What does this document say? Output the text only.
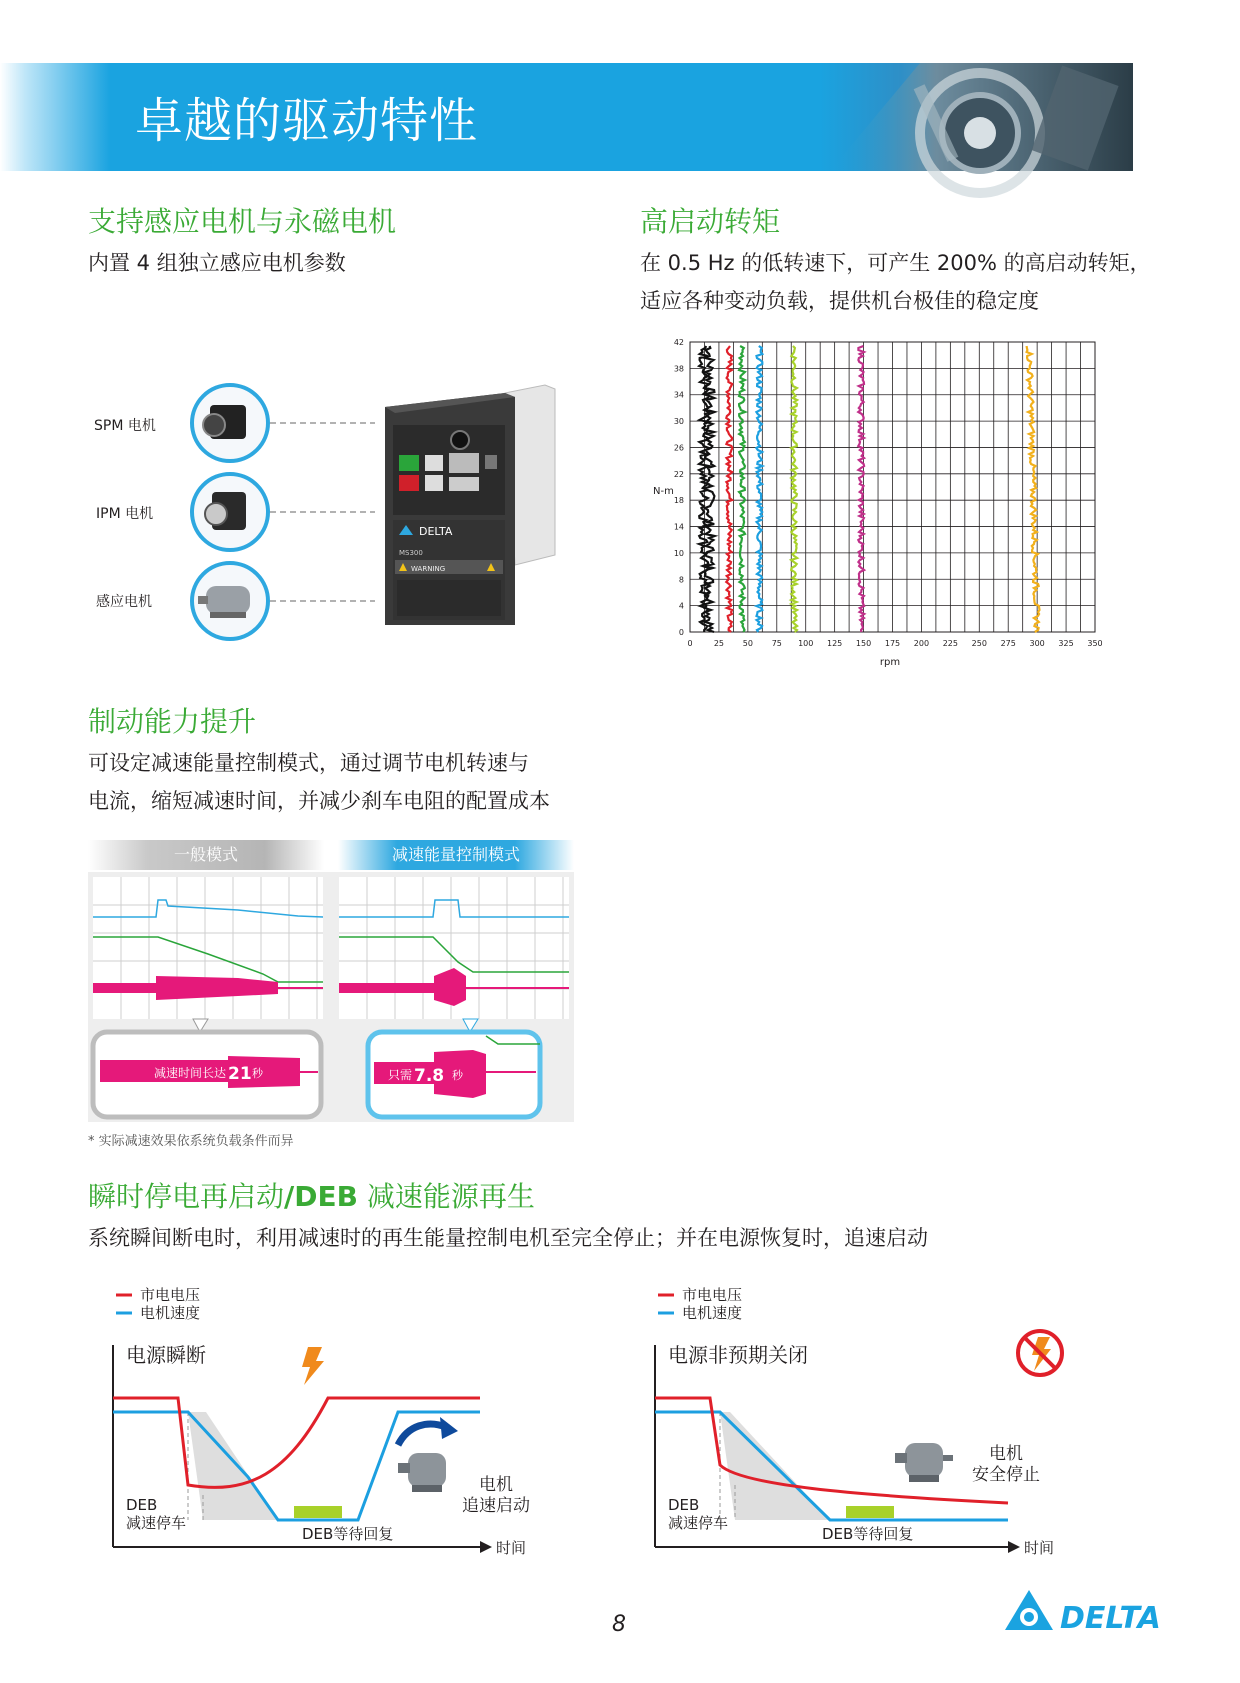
卓越的驱动特性
支持感应电机与永磁电机
内置 4 组独立感应电机参数
SPM 电机
IPM 电机
感应电机
DELTA
MS300
WARNING
高启动转矩
在 0.5 Hz 的低转速下，可产生 200% 的高启动转矩，
适应各种变动负载，提供机台极佳的稳定度
0	25 50 75 100 125 150 175 200 225 250 275 300 325 350
0
4
8
10
14
18
22
26
30
34
38
42
N-m
rpm
制动能力提升
可设定减速能量控制模式，通过调节电机转速与
电流，缩短减速时间，并减少刹车电阻的配置成本
一般模式	减速能量控制模式
减速时间长达 21 秒	只需 7.8 秒
* 实际减速效果依系统负载条件而异
瞬时停电再启动/DEB 减速能源再生
系统瞬间断电时，利用减速时的再生能量控制电机至完全停止；并在电源恢复时，追速启动
市电电压
电机速度
电源瞬断
DEB
减速停车
DEB等待回复
时间
电机
追速启动
市电电压
电机速度
电源非预期关闭
DEB
减速停车
DEB等待回复
时间
电机
安全停止
8	DELTA
